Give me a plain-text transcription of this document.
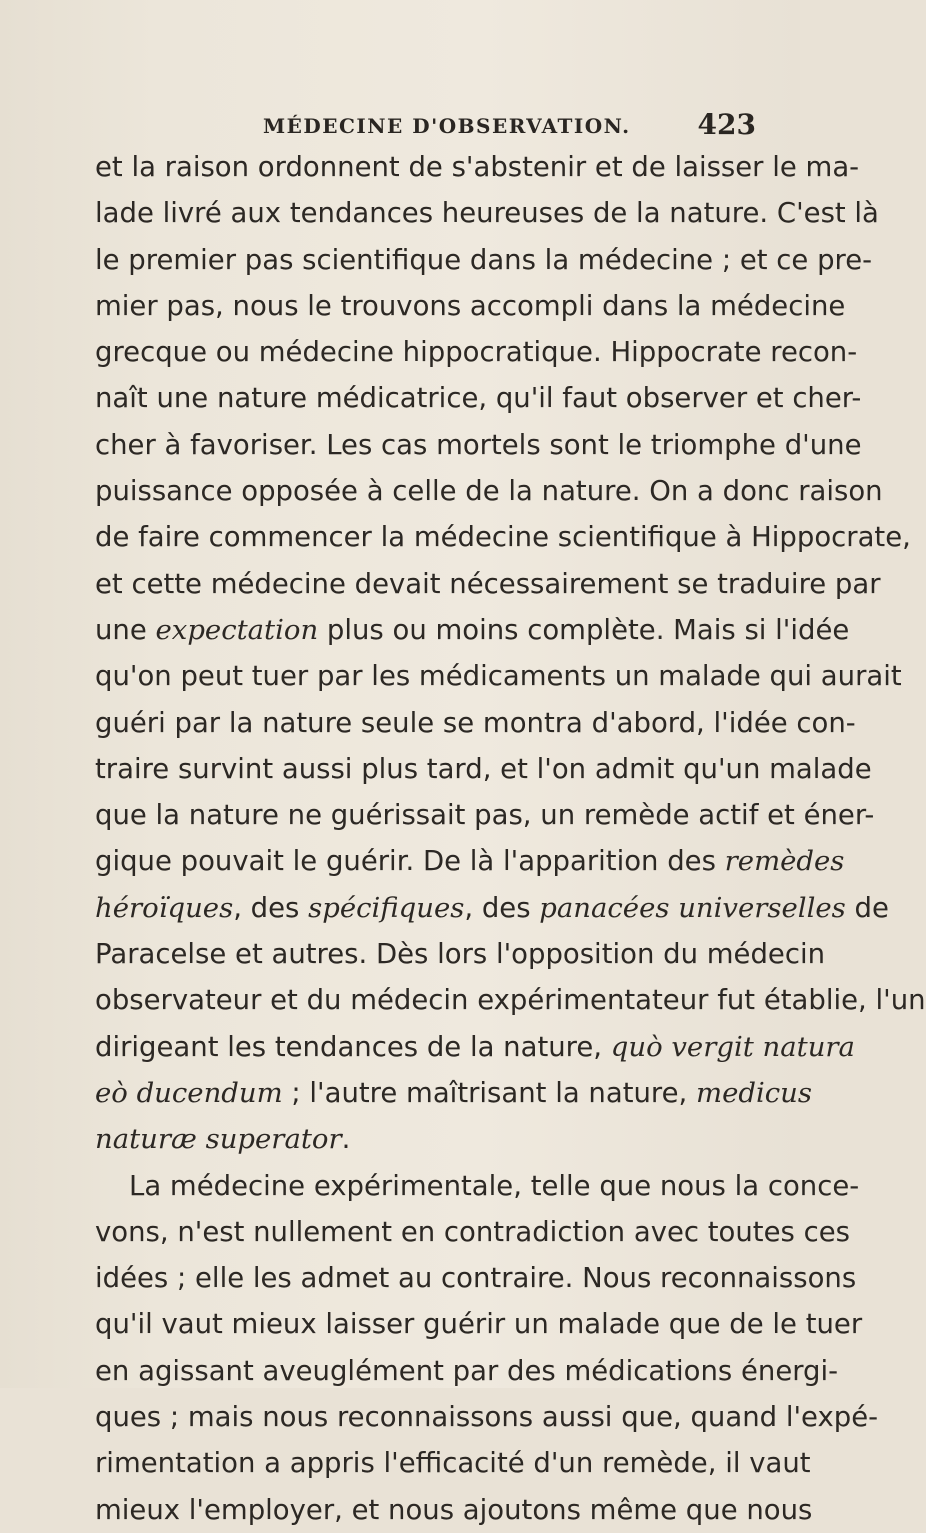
MÉDECINE D'OBSERVATION. 423
et la raison ordonnent de s'abstenir et de laisser le ma-
lade livré aux tendances heureuses de la nature. C'est là
le premier pas scientifique dans la médecine ; et ce pre-
mier pas, nous le trouvons accompli dans la médecine
grecque ou médecine hippocratique. Hippocrate recon-
naît une nature médicatrice, qu'il faut observer et cher-
cher à favoriser. Les cas mortels sont le triomphe d'une
puissance opposée à celle de la nature. On a donc raison
de faire commencer la médecine scientifique à Hippocrate,
et cette médecine devait nécessairement se traduire par
une expectation plus ou moins complète. Mais si l'idée
qu'on peut tuer par les médicaments un malade qui aurait
guéri par la nature seule se montra d'abord, l'idée con-
traire survint aussi plus tard, et l'on admit qu'un malade
que la nature ne guérissait pas, un remède actif et éner-
gique pouvait le guérir. De là l'apparition des remèdes
héroïques, des spécifiques, des panacées universelles de
Paracelse et autres. Dès lors l'opposition du médecin
observateur et du médecin expérimentateur fut établie, l'un
dirigeant les tendances de la nature, quò vergit natura
eò ducendum ; l'autre maîtrisant la nature, medicus
naturæ superator.
La médecine expérimentale, telle que nous la conce-
vons, n'est nullement en contradiction avec toutes ces
idées ; elle les admet au contraire. Nous reconnaissons
qu'il vaut mieux laisser guérir un malade que de le tuer
en agissant aveuglément par des médications énergi-
ques ; mais nous reconnaissons aussi que, quand l'expé-
rimentation a appris l'efficacité d'un remède, il vaut
mieux l'employer, et nous ajoutons même que nous
